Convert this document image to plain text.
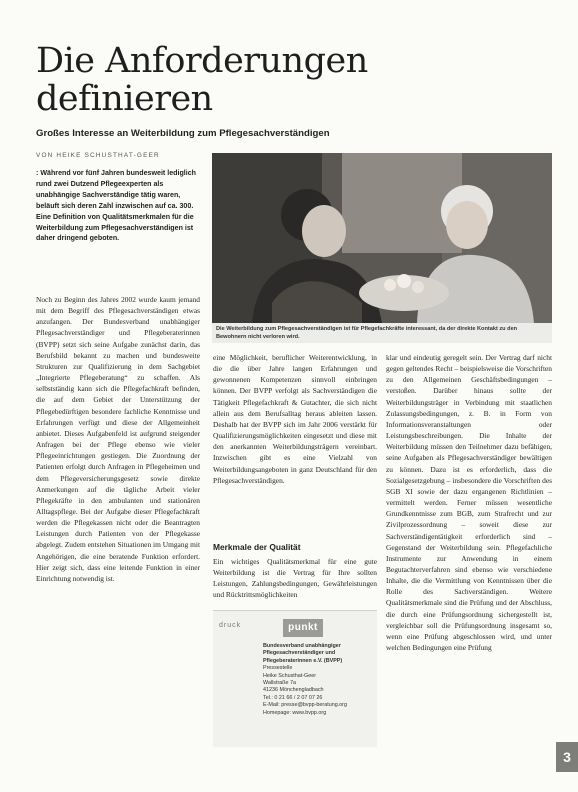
Die Anforderungen
definieren
Großes Interesse an Weiterbildung zum Pflegesachverständigen
VON HEIKE SCHUSTHAT-GEER
: Während vor fünf Jahren bundesweit lediglich rund zwei Dutzend Pflegeexperten als unabhängige Sachverständige tätig waren, beläuft sich deren Zahl inzwischen auf ca. 300. Eine Definition von Qualitätsmerkmalen für die Weiterbildung zum Pflegesachverständigen ist daher dringend geboten.

Noch zu Beginn des Jahres 2002 wurde kaum jemand mit dem Begriff des Pflegesachverständigen etwas anzufangen. Der Bundesverband unabhängiger Pflegesachverständiger und Pflegeberaterinnen (BVPP) setzt sich seine Aufgabe zunächst darin, das Berufsbild bekannt zu machen und bundesweite Strukturen zur Qualifizierung in dem Sachgebiet „Integrierte Pflegeberatung“ zu schaffen. Als selbstständig kann sich die Pflegefachkraft befinden, die auf dem Gebiet der Unterstützung der Pflegebedürftigen besondere fachliche Kenntnisse und Erfahrungen verfügt und diese der Allgemeinheit anbietet. Dieses Aufgabenfeld ist aufgrund steigender Anfragen bei der Pflege ebenso wie vieler Pflegeeinrichtungen gestiegen. Die Zuordnung der Patienten erfolgt durch Anfragen in Pflegeheimen und dem Pflegeversicherungsgesetz sowie direkte Anmerkungen auf die tägliche Arbeit vieler Pflegekräfte in den ambulanten und stationären Alltagspflege. Bei der Aufgabe dieser Pflegefachkraft werden die Pflegekassen nicht oder die Beantragten Leistungen durch Patienten von der Pflegekasse abgelegt. Zudem entstehen Situationen im Umgang mit Angehörigen, die eine beratende Funktion erfordert. Hier zeigt sich, dass eine leitende Funktion in einer Einrichtung notwendig ist.

Die Weiterbildung zum Pflegesachverständigen ist für Pflegefachkräfte interessant, da der direkte Kontakt zu den Bewohnern nicht verloren wird.

eine Möglichkeit, beruflicher Weiterentwicklung, in die die über Jahre langen Erfahrungen und gewonnenen Kompetenzen sinnvoll einbringen können. Der BVPP verfolgt als Sachverständigen die Tätigkeit Pflegefachkraft & Gutachter, die sich nicht allein aus dem Berufsalltag heraus ableiten lassen. Deshalb hat der BVPP sich im Jahr 2006 verstärkt für Qualifizierungsmöglichkeiten eingesetzt und diese mit den anerkannten Weiterbildungsträgern vereinbart. Inzwischen gibt es eine Vielzahl von Weiterbildungsangeboten in ganz Deutschland für den Pflegesachverständigen.

Merkmale der Qualität

Ein wichtiges Qualitätsmerkmal für eine gute Weiterbildung ist die Vertrag für Ihre sollten Leistungen, Zahlungsbedingungen, Gewährleistungen und Rücktrittsmöglichkeiten

druck	punkt
Bundesverband unabhängiger
Pflegesachverständiger und
Pflegeberaterinnen e.V. (BVPP)
Pressestelle
Heike Schusthat-Geer
Wallstraße 7a
41236 Mönchengladbach
Tel.: 0 21 66 / 2 07 07 26
E-Mail: presse@bvpp-beratung.org
Homepage: www.bvpp.org

klar und eindeutig geregelt sein. Der Vertrag darf nicht gegen geltendes Recht – beispielsweise die Vorschriften zu den Allgemeinen Geschäftsbedingungen – verstoßen. Darüber hinaus sollte der Weiterbildungsträger in Verbindung mit staatlichen Zulassungsbedingungen, z. B. in Form von Informationsveranstaltungen oder Leistungsbeschreibungen. Die Inhalte der Weiterbildung müssen den Teilnehmer dazu befähigen, seine Aufgaben als Pflegesachverständiger bewältigen zu können. Dazu ist es erforderlich, dass die Sozialgesetzgebung – insbesondere die Vorschriften des SGB XI sowie der dazu ergangenen Richtlinien – vermittelt werden. Ferner müssen wesentliche Grundkenntnisse zum BGB, zum Strafrecht und zur Zivilprozessordnung – soweit diese zur Sachverständigentätigkeit erforderlich sind – Gegenstand der Weiterbildung sein. Pflegefachliche Instrumente zur Anwendung in einem Begutachterverfahren sind ebenso wie verschiedene Inhalte, die die Vermittlung von Kenntnissen über die Rolle des Sachverständigen. Weitere Qualitätsmerkmale sind die Prüfung und der Abschluss, die durch eine Prüfungsordnung sichergestellt ist, vergleichbar soll die Prüfungsordnung insgesamt so, wenn eine Prüfung abgeschlossen wird, und unter welchen Bedingungen eine Prüfung

3
